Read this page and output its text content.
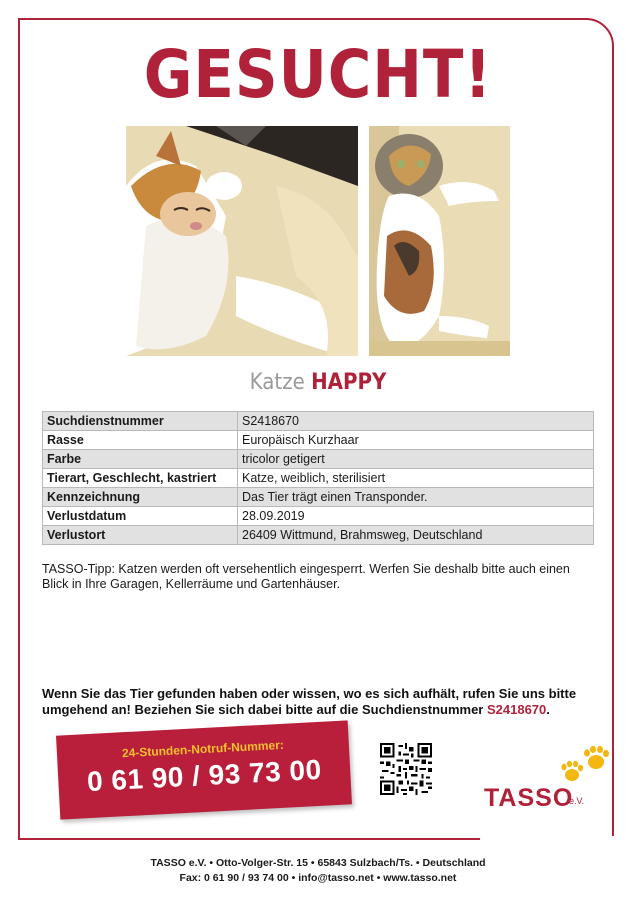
GESUCHT!
Katze HAPPY
Suchdienstnummer	S2418670
Rasse	Europäisch Kurzhaar
Farbe	tricolor getigert
Tierart, Geschlecht, kastriert	Katze, weiblich, sterilisiert
Kennzeichnung	Das Tier trägt einen Transponder.
Verlustdatum	28.09.2019
Verlustort	26409 Wittmund, Brahmsweg, Deutschland
TASSO-Tipp: Katzen werden oft versehentlich eingesperrt. Werfen Sie deshalb bitte auch einen Blick in Ihre Garagen, Kellerräume und Gartenhäuser.
Wenn Sie das Tier gefunden haben oder wissen, wo es sich aufhält, rufen Sie uns bitte umgehend an! Beziehen Sie sich dabei bitte auf die Suchdienstnummer S2418670.
24-Stunden-Notruf-Nummer:
0 61 90 / 93 73 00
TASSO
e.V.
TASSO e.V. • Otto-Volger-Str. 15 • 65843 Sulzbach/Ts. • Deutschland
Fax: 0 61 90 / 93 74 00 • info@tasso.net • www.tasso.net
